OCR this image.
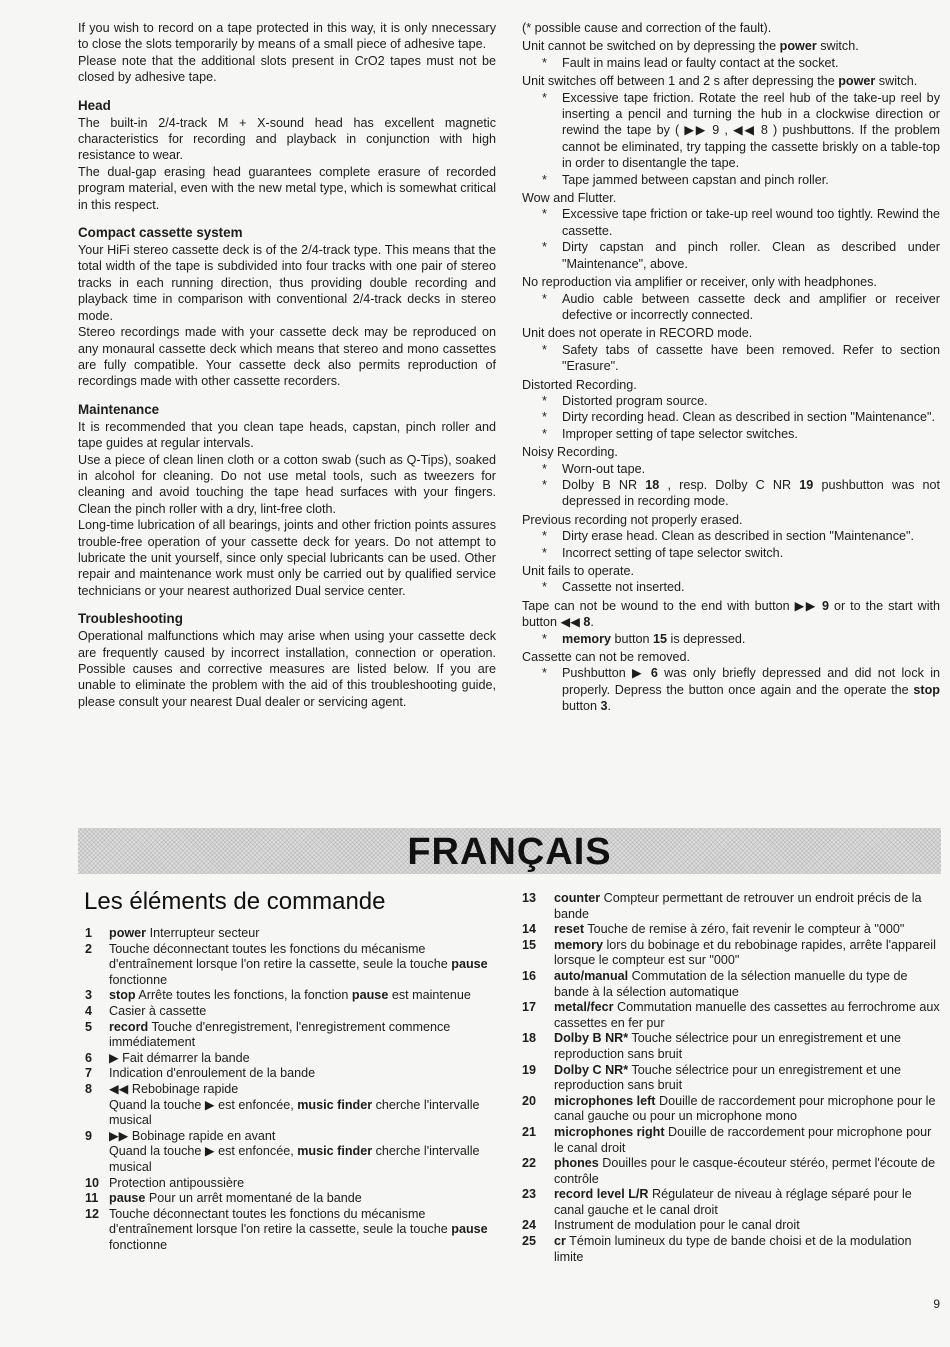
If you wish to record on a tape protected in this way, it is only nnecessary to close the slots temporarily by means of a small piece of adhesive tape.

Please note that the additional slots present in CrO2 tapes must not be closed by adhesive tape.

Head

The built-in 2/4-track M + X-sound head has excellent magnetic characteristics for recording and playback in conjunction with high resistance to wear.

The dual-gap erasing head guarantees complete erasure of recorded program material, even with the new metal type, which is somewhat critical in this respect.

Compact cassette system

Your HiFi stereo cassette deck is of the 2/4-track type. This means that the total width of the tape is subdivided into four tracks with one pair of stereo tracks in each running direction, thus providing double recording and playback time in comparison with conventional 2/4-track decks in stereo mode.

Stereo recordings made with your cassette deck may be reproduced on any monaural cassette deck which means that stereo and mono cassettes are fully compatible. Your cassette deck also permits reproduction of recordings made with other cassette recorders.

Maintenance

It is recommended that you clean tape heads, capstan, pinch roller and tape guides at regular intervals.

Use a piece of clean linen cloth or a cotton swab (such as Q-Tips), soaked in alcohol for cleaning. Do not use metal tools, such as tweezers for cleaning and avoid touching the tape head surfaces with your fingers. Clean the pinch roller with a dry, lint-free cloth.

Long-time lubrication of all bearings, joints and other friction points assures trouble-free operation of your cassette deck for years. Do not attempt to lubricate the unit yourself, since only special lubricants can be used. Other repair and maintenance work must only be carried out by qualified service technicians or your nearest authorized Dual service center.

Troubleshooting

Operational malfunctions which may arise when using your cassette deck are frequently caused by incorrect installation, connection or operation. Possible causes and corrective measures are listed below. If you are unable to eliminate the problem with the aid of this troubleshooting guide, please consult your nearest Dual dealer or servicing agent.

(* possible cause and correction of the fault).

Unit cannot be switched on by depressing the power switch.

* Fault in mains lead or faulty contact at the socket.

Unit switches off between 1 and 2 s after depressing the power switch.

* Excessive tape friction. Rotate the reel hub of the take-up reel by inserting a pencil and turning the hub in a clockwise direction or rewind the tape by ( ▶▶ 9 , ◀◀ 8 ) pushbuttons. If the problem cannot be eliminated, try tapping the cassette briskly on a table-top in order to disentangle the tape.

* Tape jammed between capstan and pinch roller.

Wow and Flutter.

* Excessive tape friction or take-up reel wound too tightly. Rewind the cassette.

* Dirty capstan and pinch roller. Clean as described under "Maintenance", above.

No reproduction via amplifier or receiver, only with headphones.

* Audio cable between cassette deck and amplifier or receiver defective or incorrectly connected.

Unit does not operate in RECORD mode.

* Safety tabs of cassette have been removed. Refer to section "Erasure".

Distorted Recording.

* Distorted program source.

* Dirty recording head. Clean as described in section "Maintenance".

* Improper setting of tape selector switches.

Noisy Recording.

* Worn-out tape.

* Dolby B NR 18 , resp. Dolby C NR 19 pushbutton was not depressed in recording mode.

Previous recording not properly erased.

* Dirty erase head. Clean as described in section "Maintenance".

* Incorrect setting of tape selector switch.

Unit fails to operate.

* Cassette not inserted.

Tape can not be wound to the end with button ▶▶ 9 or to the start with button ◀◀ 8.

* memory button 15 is depressed.

Cassette can not be removed.

* Pushbutton ▶ 6 was only briefly depressed and did not lock in properly. Depress the button once again and the operate the stop button 3.

FRANÇAIS
Les éléments de commande
1	power Interrupteur secteur
2	Touche déconnectant toutes les fonctions du mécanisme d'entraînement lorsque l'on retire la cassette, seule la touche pause fonctionne
3	stop Arrête toutes les fonctions, la fonction pause est maintenue
4	Casier à cassette
5	record Touche d'enregistrement, l'enregistrement commence immédiatement
6	▶ Fait démarrer la bande
7	Indication d'enroulement de la bande
8	◀◀ Rebobinage rapide
Quand la touche ▶ est enfoncée, music finder cherche l'intervalle musical
9	▶▶ Bobinage rapide en avant
Quand la touche ▶ est enfoncée, music finder cherche l'intervalle musical
10 Protection antipoussière
11 pause Pour un arrêt momentané de la bande
12 Touche déconnectant toutes les fonctions du mécanisme d'entraînement lorsque l'on retire la cassette, seule la touche pause fonctionne
13	counter Compteur permettant de retrouver un endroit précis de la bande
14	reset Touche de remise à zéro, fait revenir le compteur à "000"
15	memory lors du bobinage et du rebobinage rapides, arrête l'appareil lorsque le compteur est sur "000"
16	auto/manual Commutation de la sélection manuelle du type de bande à la sélection automatique
17	metal/fecr Commutation manuelle des cassettes au ferrochrome aux cassettes en fer pur
18	Dolby B NR* Touche sélectrice pour un enregistrement et une reproduction sans bruit
19	Dolby C NR* Touche sélectrice pour un enregistrement et une reproduction sans bruit
20	microphones left Douille de raccordement pour microphone pour le canal gauche ou pour un microphone mono
21	microphones right Douille de raccordement pour microphone pour le canal droit
22	phones Douilles pour le casque-écouteur stéréo, permet l'écoute de contrôle
23	record level L/R Régulateur de niveau à réglage séparé pour le canal gauche et le canal droit
24	Instrument de modulation pour le canal droit
25	cr Témoin lumineux du type de bande choisi et de la modulation limite
9
